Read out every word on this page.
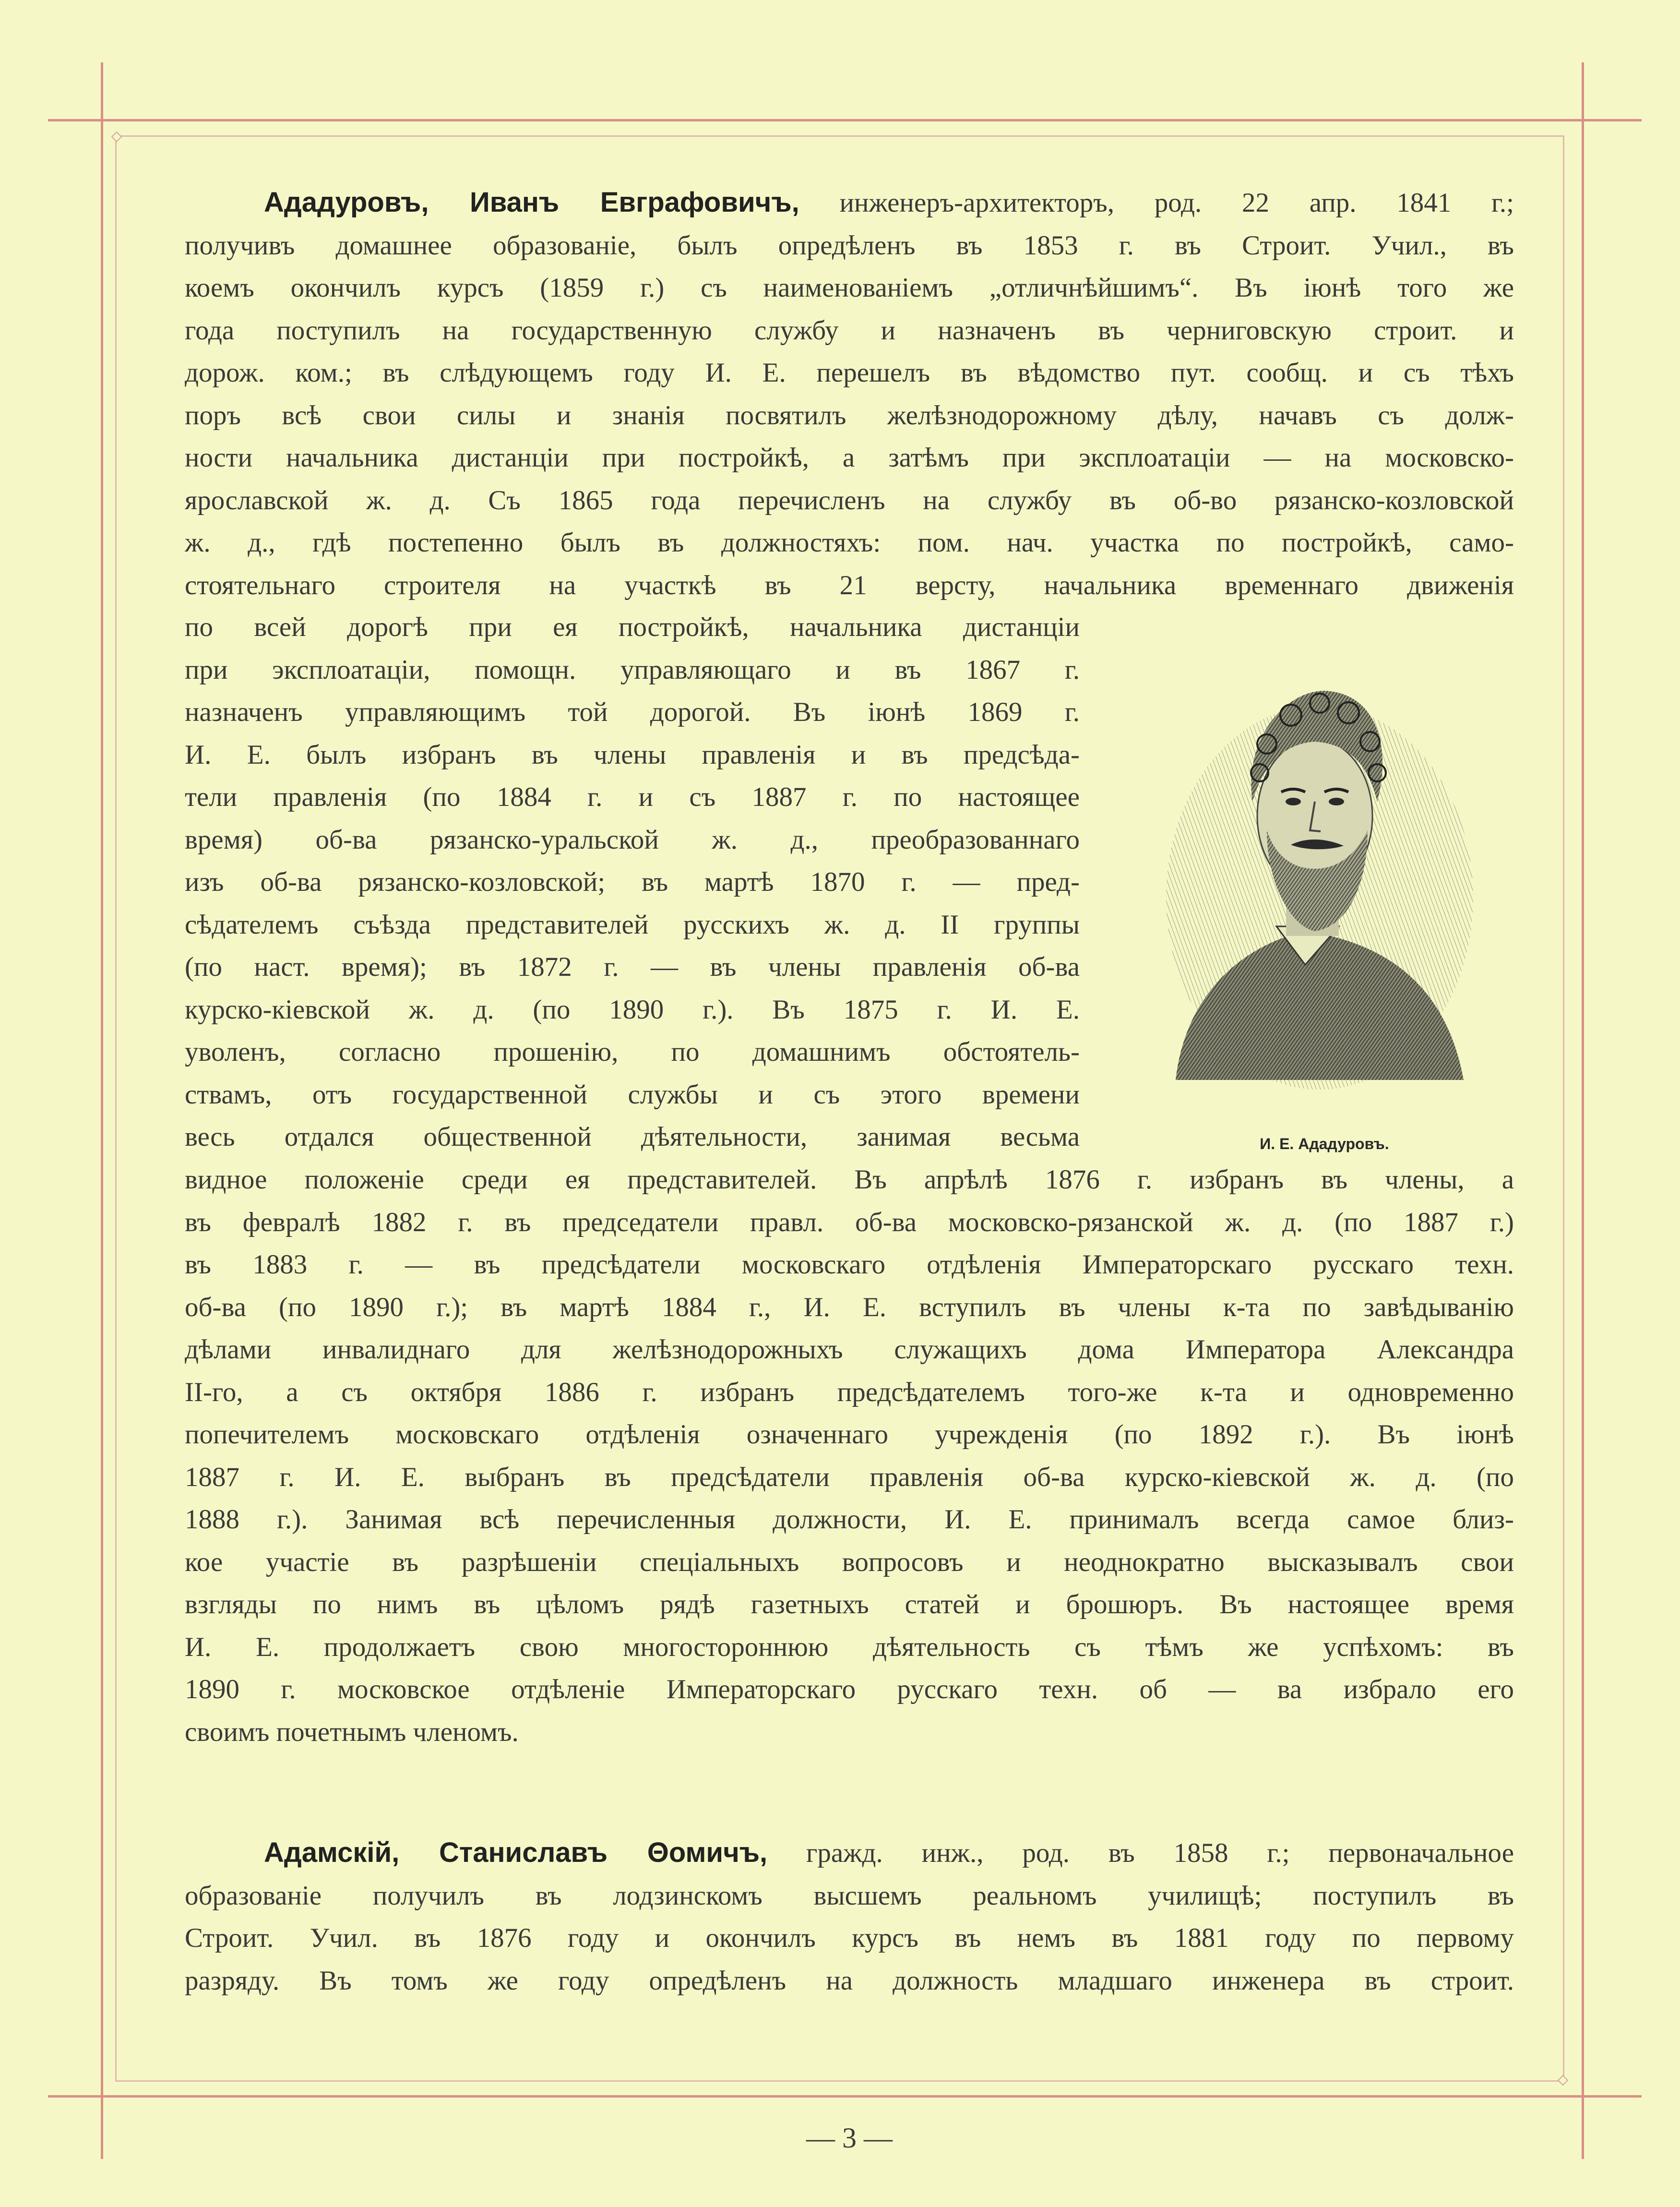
Ададуровъ, Иванъ Евграфовичъ, инженеръ-архитекторъ, род. 22 апр. 1841 г.;
получивъ домашнее образованіе, былъ опредѣленъ въ 1853 г. въ Строит. Учил., въ
коемъ окончилъ курсъ (1859 г.) съ наименованіемъ „отличнѣйшимъ“. Въ іюнѣ того же
года поступилъ на государственную службу и назначенъ въ черниговскую строит. и
дорож. ком.; въ слѣдующемъ году И. Е. перешелъ въ вѣдомство пут. сообщ. и съ тѣхъ
поръ всѣ свои силы и знанія посвятилъ желѣзнодорожному дѣлу, начавъ съ долж-
ности начальника дистанціи при постройкѣ, а затѣмъ при эксплоатаціи — на московско-
ярославской ж. д. Съ 1865 года перечисленъ на службу въ об-во рязанско-козловской
ж. д., гдѣ постепенно былъ въ должностяхъ: пом. нач. участка по постройкѣ, само-
стоятельнаго строителя на участкѣ въ 21 версту, начальника временнаго движенія
по всей дорогѣ при ея постройкѣ, начальника дистанціи
при эксплоатаціи, помощн. управляющаго и въ 1867 г.
назначенъ управляющимъ той дорогой. Въ іюнѣ 1869 г.
И. Е. былъ избранъ въ члены правленія и въ предсѣда-
тели правленія (по 1884 г. и съ 1887 г. по настоящее
время) об-ва рязанско-уральской ж. д., преобразованнаго
изъ об-ва рязанско-козловской; въ мартѣ 1870 г. — пред-
сѣдателемъ съѣзда представителей русскихъ ж. д. II группы
(по наст. время); въ 1872 г. — въ члены правленія об-ва
курско-кіевской ж. д. (по 1890 г.). Въ 1875 г. И. Е.
уволенъ, согласно прошенію, по домашнимъ обстоятель-
ствамъ, отъ государственной службы и съ этого времени
весь отдался общественной дѣятельности, занимая весьма	И. Е. Ададуровъ.
видное положеніе среди ея представителей. Въ апрѣлѣ 1876 г. избранъ въ члены, а
въ февралѣ 1882 г. въ председатели правл. об-ва московско-рязанской ж. д. (по 1887 г.)
въ 1883 г. — въ предсѣдатели московскаго отдѣленія Императорскаго русскаго техн.
об-ва (по 1890 г.); въ мартѣ 1884 г., И. Е. вступилъ въ члены к-та по завѣдыванію
дѣлами инвалиднаго для желѣзнодорожныхъ служащихъ дома Императора Александра
II-го, а съ октября 1886 г. избранъ предсѣдателемъ того-же к-та и одновременно
попечителемъ московскаго отдѣленія означеннаго учрежденія (по 1892 г.). Въ іюнѣ
1887 г. И. Е. выбранъ въ предсѣдатели правленія об-ва курско-кіевской ж. д. (по
1888 г.). Занимая всѣ перечисленныя должности, И. Е. принималъ всегда самое близ-
кое участіе въ разрѣшеніи спеціальныхъ вопросовъ и неоднократно высказывалъ свои
взгляды по нимъ въ цѣломъ рядѣ газетныхъ статей и брошюръ. Въ настоящее время
И. Е. продолжаетъ свою многостороннюю дѣятельность съ тѣмъ же успѣхомъ: въ
1890 г. московское отдѣленіе Императорскаго русскаго техн. об — ва избрало его
своимъ почетнымъ членомъ.
Адамскій, Станиславъ Θомичъ, гражд. инж., род. въ 1858 г.; первоначальное
образованіе получилъ въ лодзинскомъ высшемъ реальномъ училищѣ; поступилъ въ
Строит. Учил. въ 1876 году и окончилъ курсъ въ немъ въ 1881 году по первому
разряду. Въ томъ же году опредѣленъ на должность младшаго инженера въ строит.
— 3 —
